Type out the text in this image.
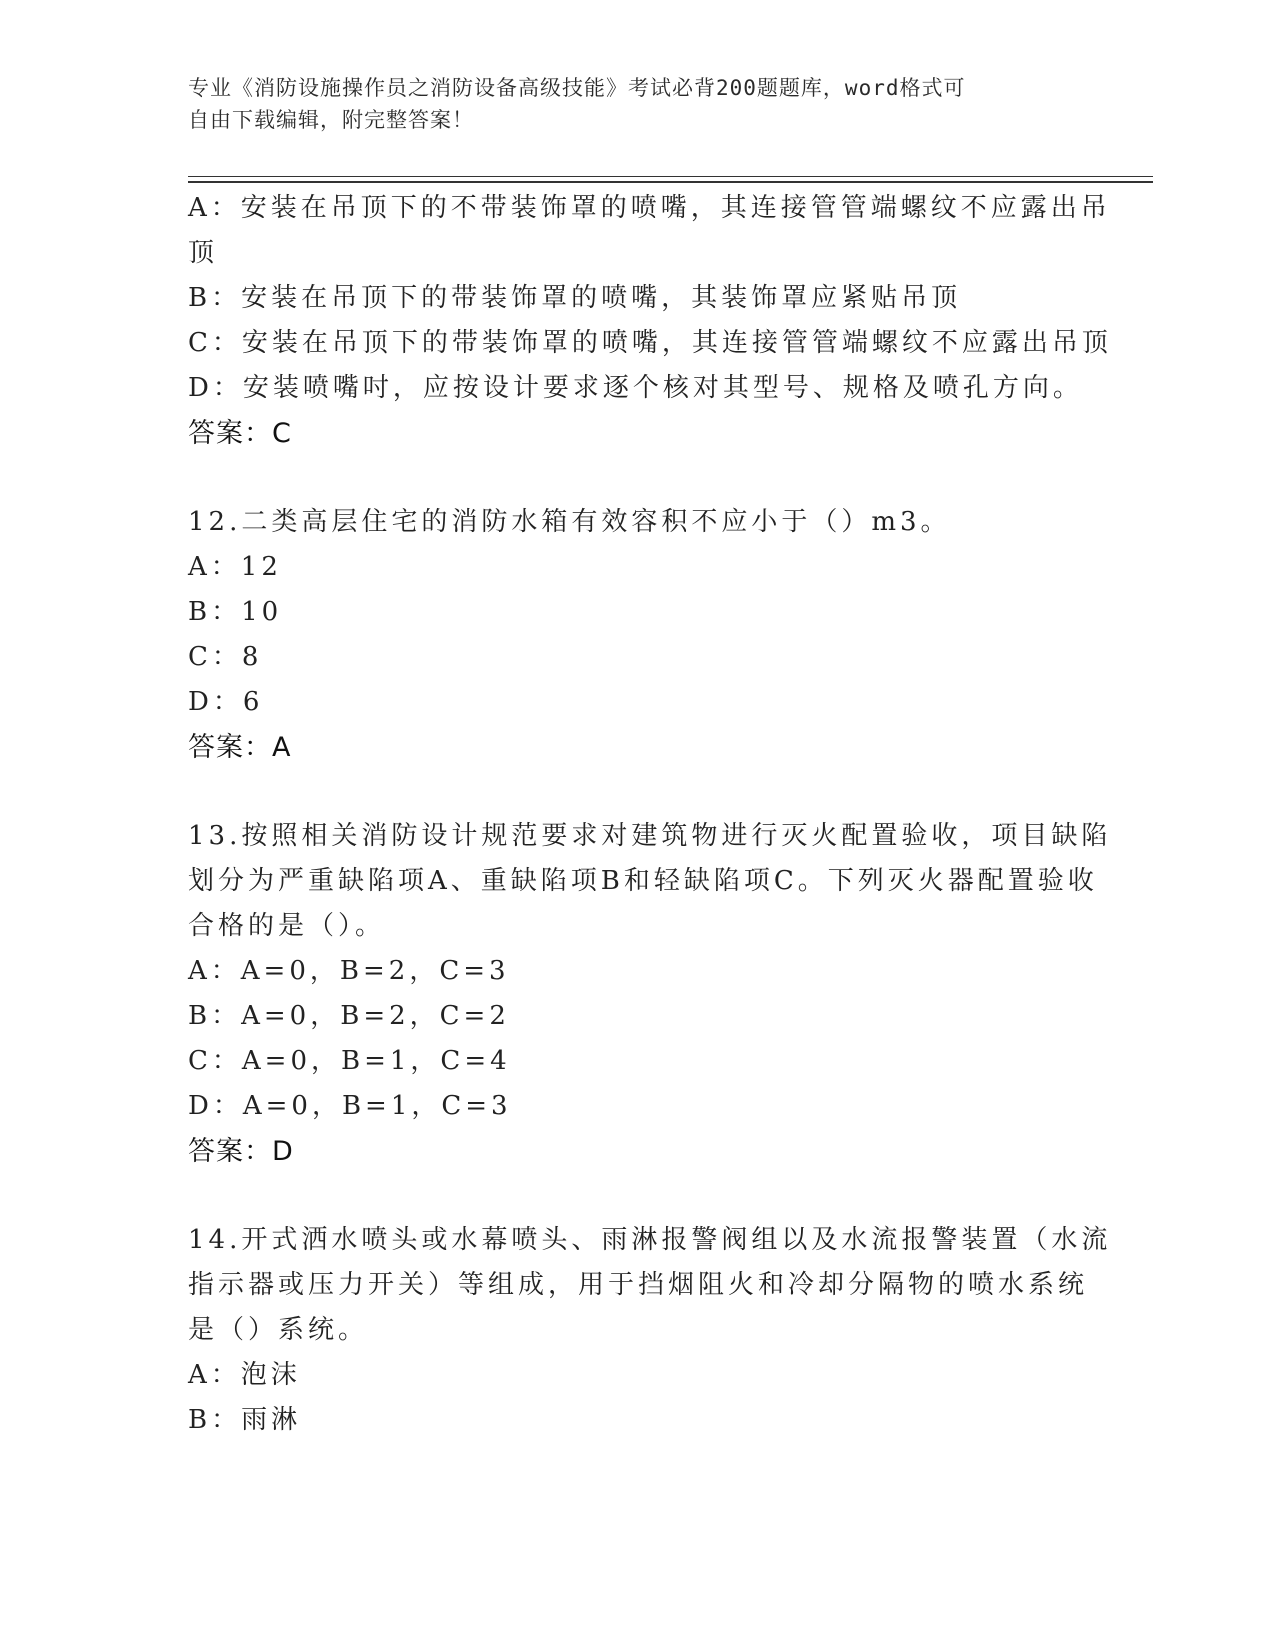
专业《消防设施操作员之消防设备高级技能》考试必背200题题库，word格式可
自由下载编辑，附完整答案！

A：安装在吊顶下的不带装饰罩的喷嘴，其连接管管端螺纹不应露出吊

顶

B：安装在吊顶下的带装饰罩的喷嘴，其装饰罩应紧贴吊顶

C：安装在吊顶下的带装饰罩的喷嘴，其连接管管端螺纹不应露出吊顶

D：安装喷嘴吋，应按设计要求逐个核对其型号、规格及喷孔方向。

答案：C

12.二类高层住宅的消防水箱有效容积不应小于（）m3。

A：12

B：10

C：8

D：6

答案：A

13.按照相关消防设计规范要求对建筑物进行灭火配置验收，项目缺陷

划分为严重缺陷项A、重缺陷项B和轻缺陷项C。下列灭火器配置验收

合格的是（）。

A：A=0，B=2，C=3

B：A=0，B=2，C=2

C：A=0，B=1，C=4

D：A=0，B=1，C=3

答案：D

14.开式洒水喷头或水幕喷头、雨淋报警阀组以及水流报警装置（水流

指示器或压力开关）等组成，用于挡烟阻火和冷却分隔物的喷水系统

是（）系统。

A：泡沫

B：雨淋
